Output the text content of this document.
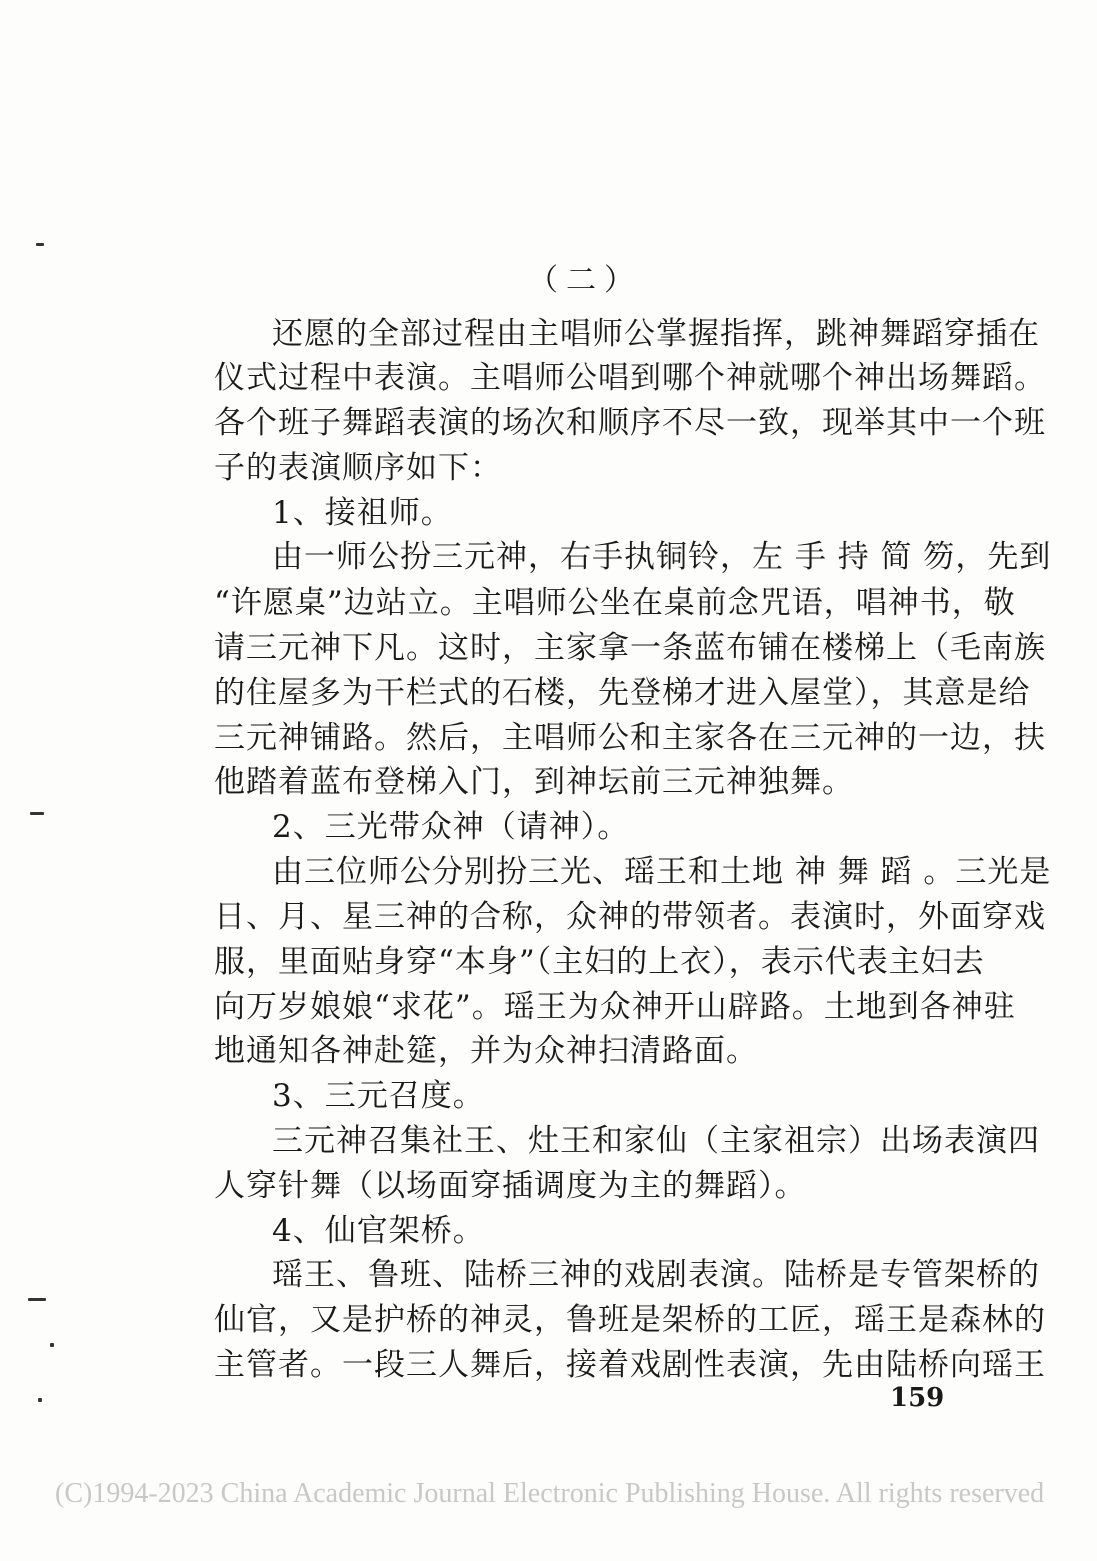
（二）
还愿的全部过程由主唱师公掌握指挥，跳神舞蹈穿插在
仪式过程中表演。主唱师公唱到哪个神就哪个神出场舞蹈。
各个班子舞蹈表演的场次和顺序不尽一致，现举其中一个班
子的表演顺序如下：
1、接祖师。
由一师公扮三元神，右手执铜铃，左 手 持 简 笏，先到
“许愿桌”边站立。主唱师公坐在桌前念咒语，唱神书，敬
请三元神下凡。这时，主家拿一条蓝布铺在楼梯上（毛南族
的住屋多为干栏式的石楼，先登梯才进入屋堂），其意是给
三元神铺路。然后，主唱师公和主家各在三元神的一边，扶
他踏着蓝布登梯入门，到神坛前三元神独舞。
2、三光带众神（请神）。
由三位师公分别扮三光、瑶王和土地 神 舞 蹈 。三光是
日、月、星三神的合称，众神的带领者。表演时，外面穿戏
服，里面贴身穿“本身”（主妇的上衣），表示代表主妇去
向万岁娘娘“求花”。瑶王为众神开山辟路。土地到各神驻
地通知各神赴筵，并为众神扫清路面。
3、三元召度。
三元神召集社王、灶王和家仙（主家祖宗）出场表演四
人穿针舞（以场面穿插调度为主的舞蹈）。
4、仙官架桥。
瑶王、鲁班、陆桥三神的戏剧表演。陆桥是专管架桥的
仙官，又是护桥的神灵，鲁班是架桥的工匠，瑶王是森林的
主管者。一段三人舞后，接着戏剧性表演，先由陆桥向瑶王
159
(C)1994-2023 China Academic Journal Electronic Publishing House. All rights reserved
